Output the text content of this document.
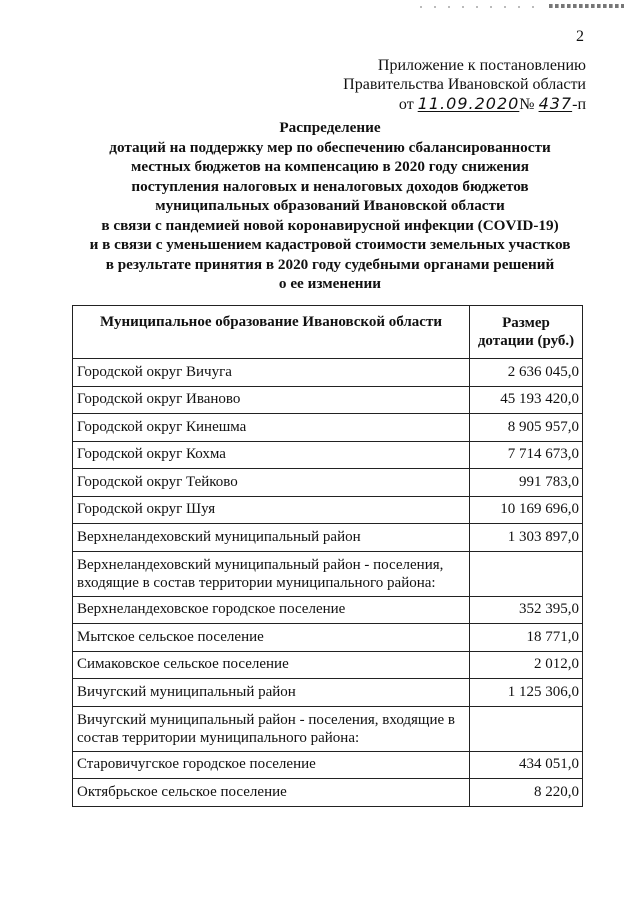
2
Приложение к постановлению
Правительства Ивановской области
от 11.09.2020№ 437-п
Распределение
дотаций на поддержку мер по обеспечению сбалансированности
местных бюджетов на компенсацию в 2020 году снижения
поступления налоговых и неналоговых доходов бюджетов
муниципальных образований Ивановской области
в связи с пандемией новой коронавирусной инфекции (COVID-19)
и в связи с уменьшением кадастровой стоимости земельных участков
в результате принятия в 2020 году судебными органами решений
о ее изменении
Муниципальное образование Ивановской области	Размер
дотации (руб.)
Городской округ Вичуга	2 636 045,0
Городской округ Иваново	45 193 420,0
Городской округ Кинешма	8 905 957,0
Городской округ Кохма	7 714 673,0
Городской округ Тейково	991 783,0
Городской округ Шуя	10 169 696,0
Верхнеландеховский муниципальный район	1 303 897,0
Верхнеландеховский муниципальный район - поселения, входящие в состав территории муниципального района:	
Верхнеландеховское городское поселение	352 395,0
Мытское сельское поселение	18 771,0
Симаковское сельское поселение	2 012,0
Вичугский муниципальный район	1 125 306,0
Вичугский муниципальный район - поселения, входящие в состав территории муниципального района:	
Старовичугское городское поселение	434 051,0
Октябрьское сельское поселение	8 220,0
